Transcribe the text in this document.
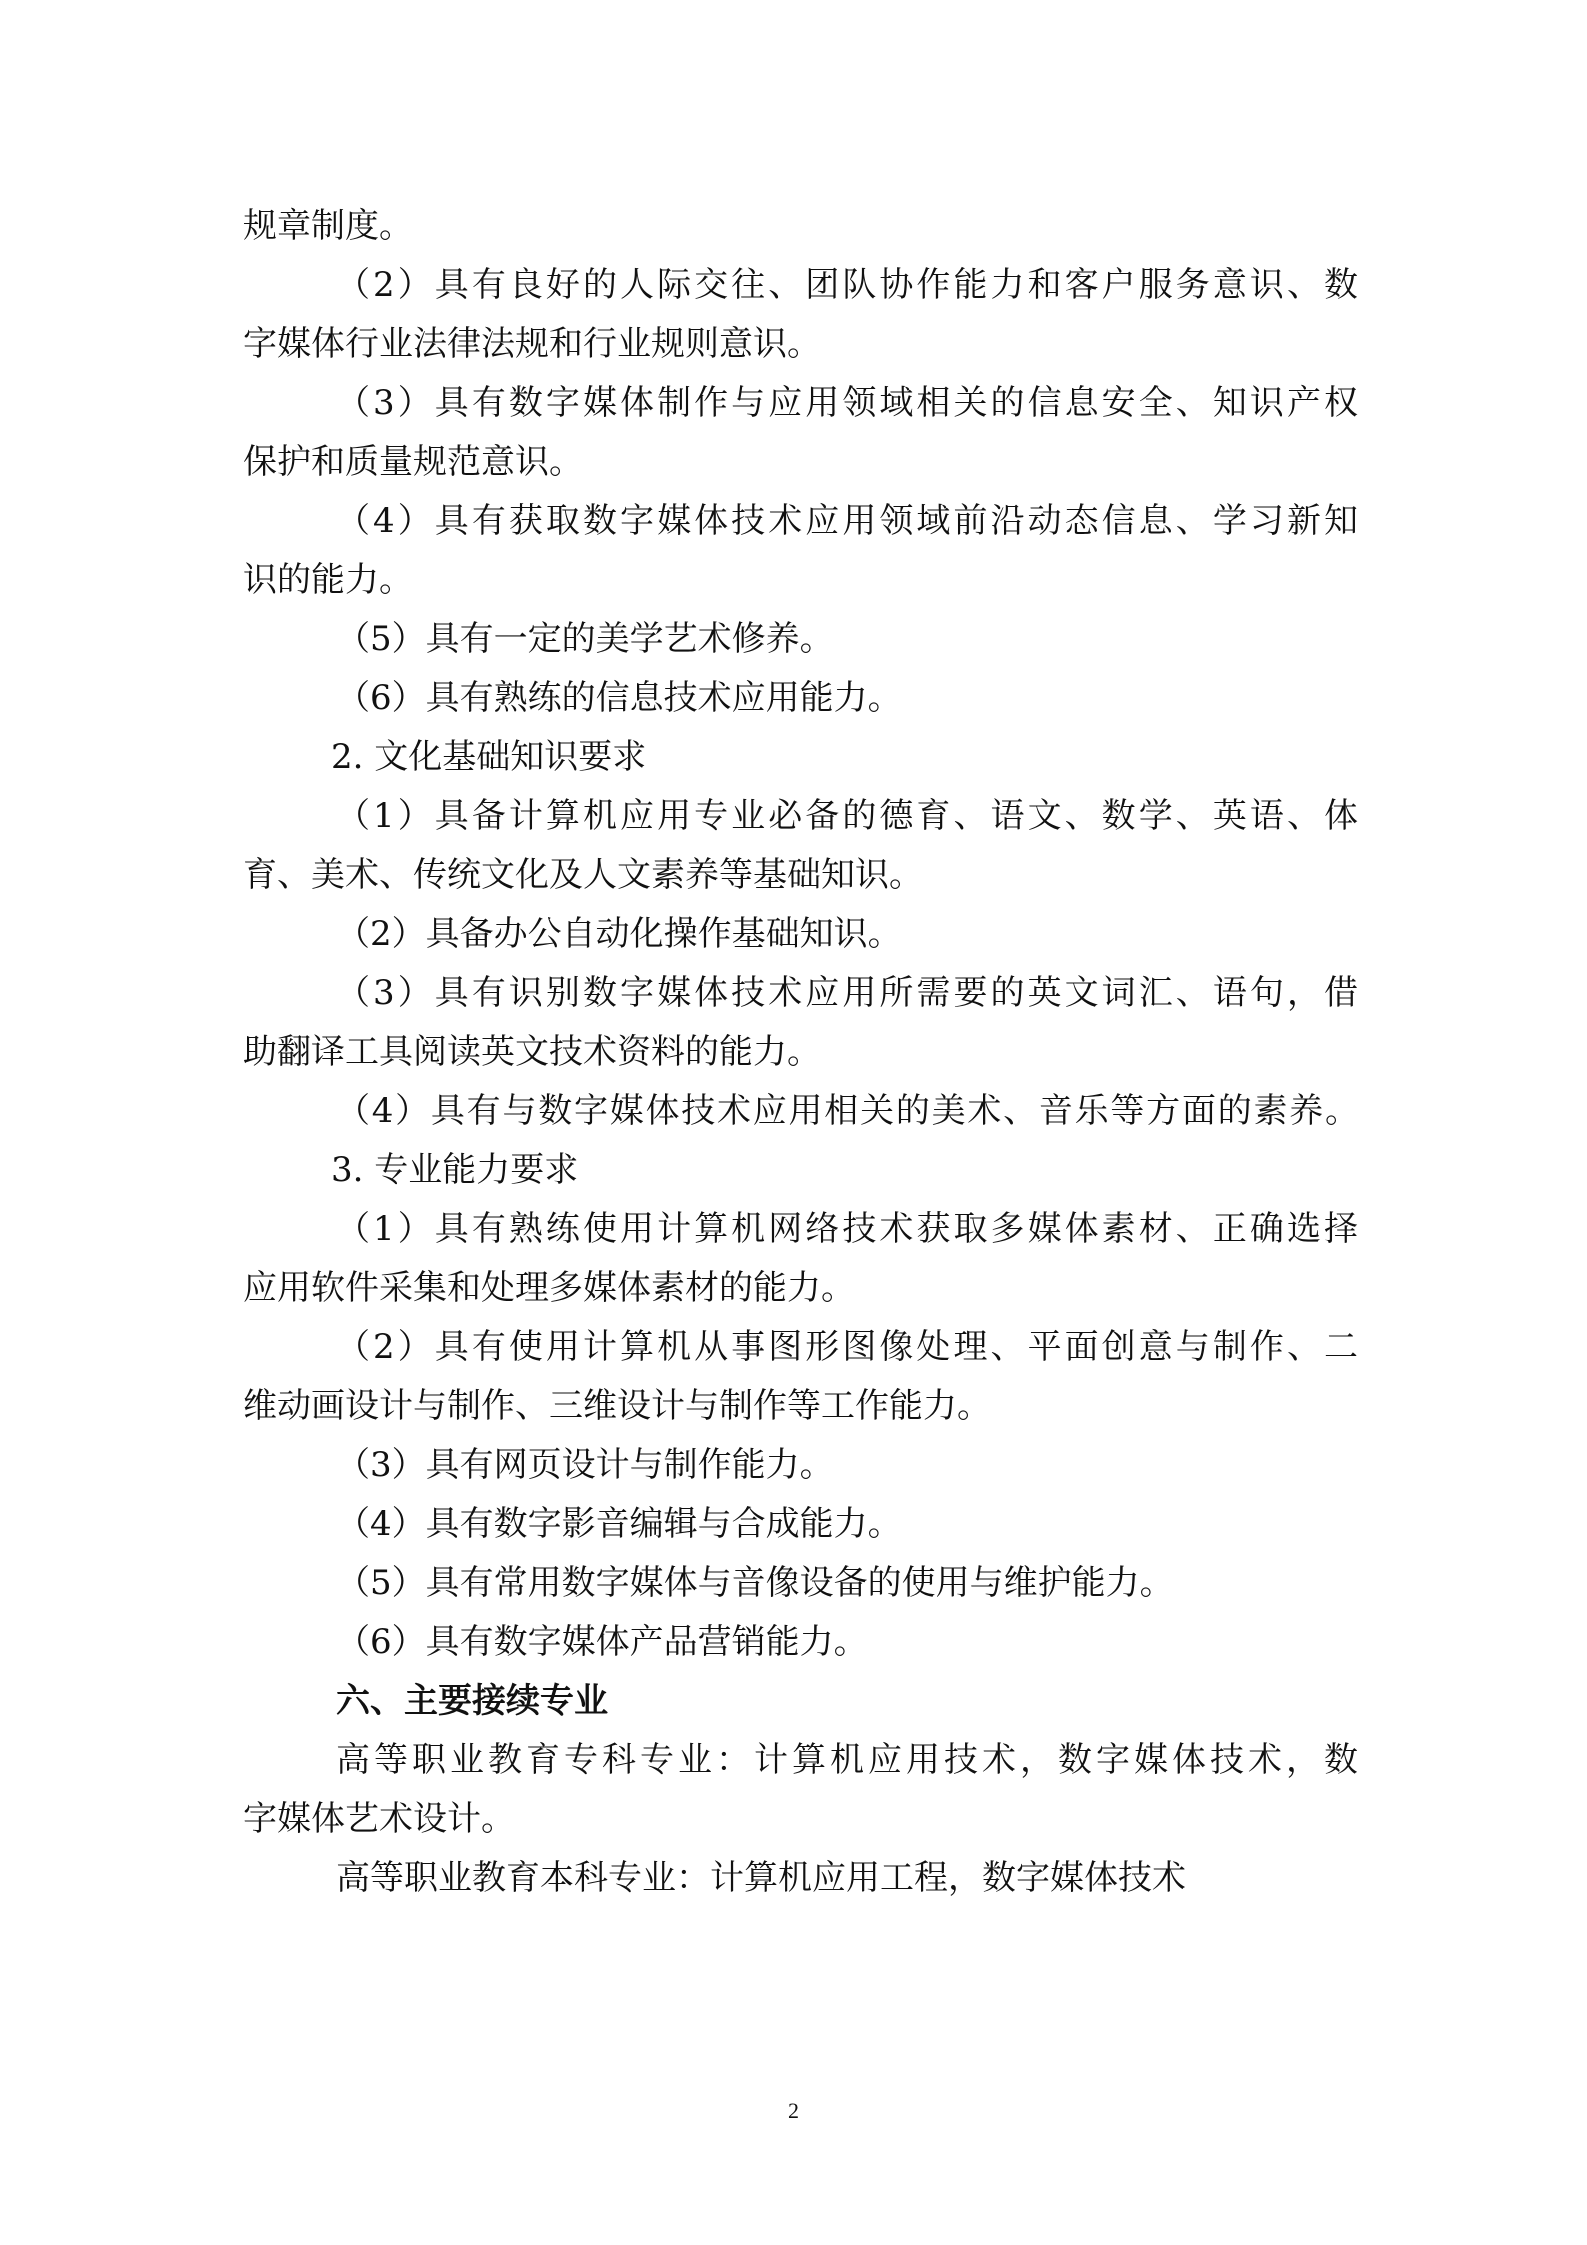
规章制度。
（2）具有良好的人际交往、团队协作能力和客户服务意识、数
字媒体行业法律法规和行业规则意识。
（3）具有数字媒体制作与应用领域相关的信息安全、知识产权
保护和质量规范意识。
（4）具有获取数字媒体技术应用领域前沿动态信息、学习新知
识的能力。
（5）具有一定的美学艺术修养。
（6）具有熟练的信息技术应用能力。
2. 文化基础知识要求
（1）具备计算机应用专业必备的德育、语文、数学、英语、体
育、美术、传统文化及人文素养等基础知识。
（2）具备办公自动化操作基础知识。
（3）具有识别数字媒体技术应用所需要的英文词汇、语句，借
助翻译工具阅读英文技术资料的能力。
（4）具有与数字媒体技术应用相关的美术、音乐等方面的素养。
3. 专业能力要求
（1）具有熟练使用计算机网络技术获取多媒体素材、正确选择
应用软件采集和处理多媒体素材的能力。
（2）具有使用计算机从事图形图像处理、平面创意与制作、二
维动画设计与制作、三维设计与制作等工作能力。
（3）具有网页设计与制作能力。
（4）具有数字影音编辑与合成能力。
（5）具有常用数字媒体与音像设备的使用与维护能力。
（6）具有数字媒体产品营销能力。
六、主要接续专业
高等职业教育专科专业：计算机应用技术，数字媒体技术，数
字媒体艺术设计。
高等职业教育本科专业：计算机应用工程，数字媒体技术
2
